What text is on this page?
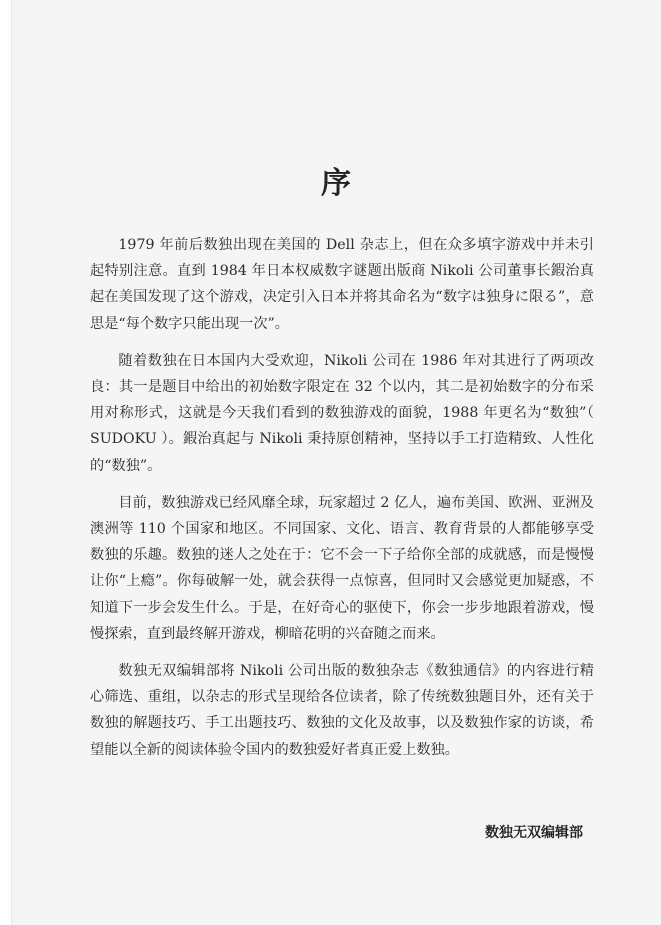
序

1979 年前后数独出现在美国的 Dell 杂志上，但在众多填字游戏中并未引起特别注意。直到 1984 年日本权威数字谜题出版商 Nikoli 公司董事长鍜治真起在美国发现了这个游戏，决定引入日本并将其命名为“数字は独身に限る”，意思是“每个数字只能出现一次”。

随着数独在日本国内大受欢迎，Nikoli 公司在 1986 年对其进行了两项改良：其一是题目中给出的初始数字限定在 32 个以内，其二是初始数字的分布采用对称形式，这就是今天我们看到的数独游戏的面貌，1988 年更名为“数独”（ SUDOKU ）。鍜治真起与 Nikoli 秉持原创精神，坚持以手工打造精致、人性化的“数独”。

目前，数独游戏已经风靡全球，玩家超过 2 亿人，遍布美国、欧洲、亚洲及澳洲等 110 个国家和地区。不同国家、文化、语言、教育背景的人都能够享受数独的乐趣。数独的迷人之处在于：它不会一下子给你全部的成就感，而是慢慢让你“上瘾”。你每破解一处，就会获得一点惊喜，但同时又会感觉更加疑惑，不知道下一步会发生什么。于是，在好奇心的驱使下，你会一步步地跟着游戏，慢慢探索，直到最终解开游戏，柳暗花明的兴奋随之而来。

数独无双编辑部将 Nikoli 公司出版的数独杂志《数独通信》的内容进行精心筛选、重组，以杂志的形式呈现给各位读者，除了传统数独题目外，还有关于数独的解题技巧、手工出题技巧、数独的文化及故事，以及数独作家的访谈，希望能以全新的阅读体验令国内的数独爱好者真正爱上数独。

数独无双编辑部
